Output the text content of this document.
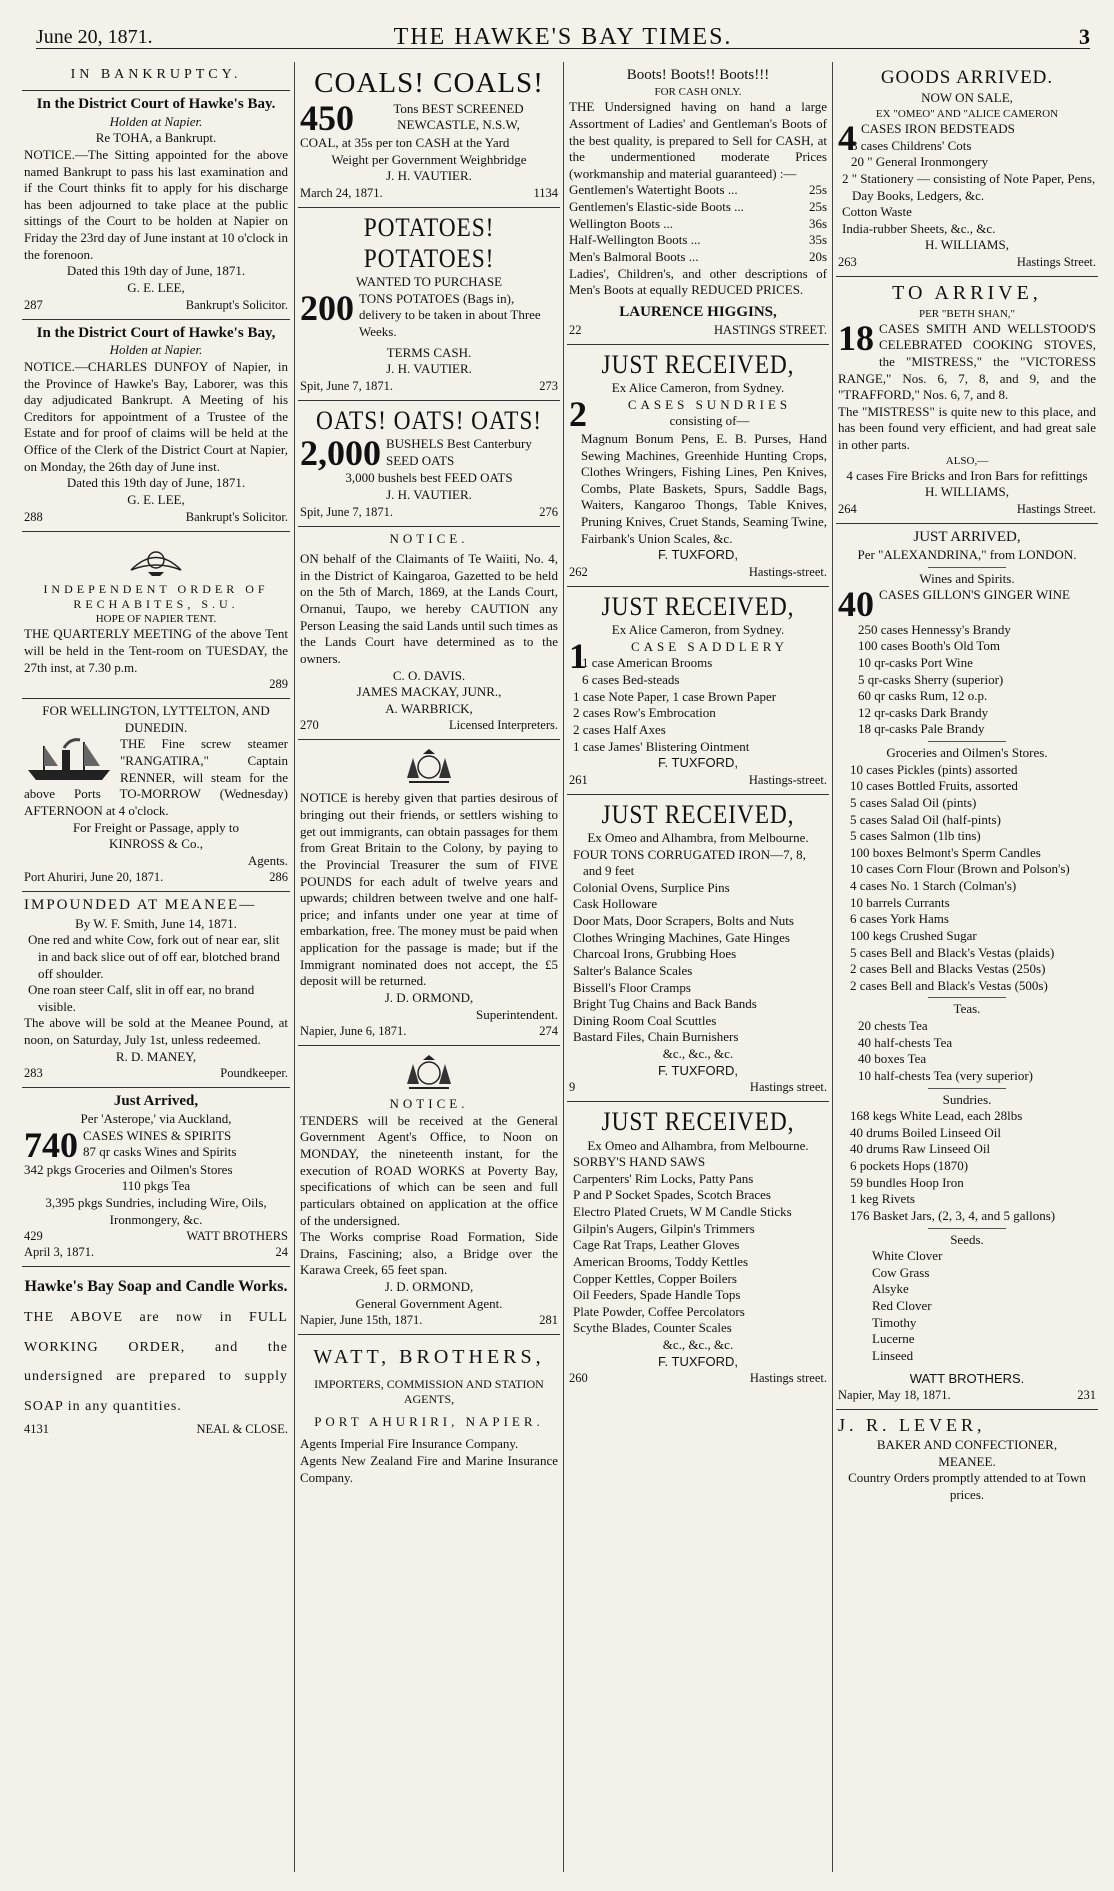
June 20, 1871.	THE HAWKE'S BAY TIMES.	3
IN BANKRUPTCY.
In the District Court of Hawke's Bay.
Holden at Napier.
Re TOHA, a Bankrupt.
NOTICE.—The Sitting appointed for the above named Bankrupt to pass his last examination and if the Court thinks fit to apply for his discharge has been adjourned to take place at the public sittings of the Court to be holden at Napier on Friday the 23rd day of June instant at 10 o'clock in the forenoon.
Dated this 19th day of June, 1871.
G. E. LEE,
287	Bankrupt's Solicitor.
In the District Court of Hawke's Bay,
Holden at Napier.
NOTICE.—CHARLES DUNFOY of Napier, in the Province of Hawke's Bay, Laborer, was this day adjudicated Bankrupt. A Meeting of his Creditors for appointment of a Trustee of the Estate and for proof of claims will be held at the Office of the Clerk of the District Court at Napier, on Monday, the 26th day of June inst.
Dated this 19th day of June, 1871.
G. E. LEE,
288	Bankrupt's Solicitor.
INDEPENDENT ORDER OF RECHABITES, S.U.
HOPE OF NAPIER TENT.
THE QUARTERLY MEETING of the above Tent will be held in the Tent-room on TUESDAY, the 27th inst, at 7.30 p.m.
289
FOR WELLINGTON, LYTTELTON, AND DUNEDIN.
THE Fine screw steamer "RANGATIRA," Captain RENNER, will steam for the above Ports TO-MORROW (Wednesday) AFTERNOON at 4 o'clock.
For Freight or Passage, apply to
KINROSS & Co.,
Agents.
Port Ahuriri, June 20, 1871.	286
IMPOUNDED AT MEANEE—
By W. F. Smith, June 14, 1871.
One red and white Cow, fork out of near ear, slit in and back slice out of off ear, blotched brand off shoulder.
One roan steer Calf, slit in off ear, no brand visible.
The above will be sold at the Meanee Pound, at noon, on Saturday, July 1st, unless redeemed.
R. D. MANEY,
283	Poundkeeper.
Just Arrived,
Per 'Asterope,' via Auckland,
740 CASES WINES & SPIRITS
87 qr casks Wines and Spirits
342 pkgs Groceries and Oilmen's Stores
110 pkgs Tea
3,395 pkgs Sundries, including Wire, Oils, Ironmongery, &c.
429	WATT BROTHERS
April 3, 1871.	24
Hawke's Bay Soap and Candle Works.
THE ABOVE are now in FULL WORKING ORDER, and the undersigned are prepared to supply SOAP in any quantities.
4131	NEAL & CLOSE.
COALS! COALS!
450	Tons BEST SCREENED NEWCASTLE, N.S.W,
COAL, at 35s per ton CASH at the Yard
Weight per Government Weighbridge
J. H. VAUTIER.
March 24, 1871.	1134
POTATOES! POTATOES!
WANTED TO PURCHASE
200 TONS POTATOES (Bags in), delivery to be taken in about Three Weeks.
TERMS CASH.
J. H. VAUTIER.
Spit, June 7, 1871.	273
OATS! OATS! OATS!
2,000 BUSHELS Best Canterbury SEED OATS
3,000 bushels best FEED OATS
J. H. VAUTIER.
Spit, June 7, 1871.	276
NOTICE.
ON behalf of the Claimants of Te Waiiti, No. 4, in the District of Kaingaroa, Gazetted to be held on the 5th of March, 1869, at the Lands Court, Ornanui, Taupo, we hereby CAUTION any Person Leasing the said Lands until such times as the Lands Court have determined as to the owners.
C. O. DAVIS.
JAMES MACKAY, JUNR.,
A. WARBRICK,
270	Licensed Interpreters.
NOTICE is hereby given that parties desirous of bringing out their friends, or settlers wishing to get out immigrants, can obtain passages for them from Great Britain to the Colony, by paying to the Provincial Treasurer the sum of FIVE POUNDS for each adult of twelve years and upwards; children between twelve and one half-price; and infants under one year at time of embarkation, free. The money must be paid when application for the passage is made; but if the Immigrant nominated does not accept, the £5 deposit will be returned.
J. D. ORMOND,
Superintendent.
Napier, June 6, 1871.	274
NOTICE.
TENDERS will be received at the General Government Agent's Office, to Noon on MONDAY, the nineteenth instant, for the execution of ROAD WORKS at Poverty Bay, specifications of which can be seen and full particulars obtained on application at the office of the undersigned.
The Works comprise Road Formation, Side Drains, Fascining; also, a Bridge over the Karawa Creek, 65 feet span.
J. D. ORMOND,
General Government Agent.
Napier, June 15th, 1871.	281
WATT, BROTHERS,
IMPORTERS, COMMISSION AND STATION AGENTS,
PORT AHURIRI, NAPIER.
Agents Imperial Fire Insurance Company.
Agents New Zealand Fire and Marine Insurance Company.
Boots! Boots!! Boots!!!
FOR CASH ONLY.
THE Undersigned having on hand a large Assortment of Ladies' and Gentleman's Boots of the best quality, is prepared to Sell for CASH, at the undermentioned moderate Prices (workmanship and material guaranteed) :—
Gentlemen's Watertight Boots ...	25s
Gentlemen's Elastic-side Boots ...	25s
Wellington Boots ...	36s
Half-Wellington Boots ...	35s
Men's Balmoral Boots ...	20s
Ladies', Children's, and other descriptions of Men's Boots at equally REDUCED PRICES.
LAURENCE HIGGINS,
22	HASTINGS STREET.
JUST RECEIVED,
Ex Alice Cameron, from Sydney.
2	CASES SUNDRIES
consisting of—
Magnum Bonum Pens, E. B. Purses, Hand Sewing Machines, Greenhide Hunting Crops, Clothes Wringers, Fishing Lines, Pen Knives, Combs, Plate Baskets, Spurs, Saddle Bags, Waiters, Kangaroo Thongs, Table Knives, Pruning Knives, Cruet Stands, Seaming Twine, Fairbank's Union Scales, &c.
F. TUXFORD,
262	Hastings-street.
JUST RECEIVED,
Ex Alice Cameron, from Sydney.
1	CASE SADDLERY
1 case American Brooms
6 cases Bed-steads
1 case Note Paper, 1 case Brown Paper
2 cases Row's Embrocation
2 cases Half Axes
1 case James' Blistering Ointment
F. TUXFORD,
261	Hastings-street.
JUST RECEIVED,
Ex Omeo and Alhambra, from Melbourne.
FOUR TONS CORRUGATED IRON—7, 8, and 9 feet
Colonial Ovens, Surplice Pins
Cask Holloware
Door Mats, Door Scrapers, Bolts and Nuts
Clothes Wringing Machines, Gate Hinges
Charcoal Irons, Grubbing Hoes
Salter's Balance Scales
Bissell's Floor Cramps
Bright Tug Chains and Back Bands
Dining Room Coal Scuttles
Bastard Files, Chain Burnishers
&c., &c., &c.
F. TUXFORD,
9	Hastings street.
JUST RECEIVED,
Ex Omeo and Alhambra, from Melbourne.
SORBY'S HAND SAWS
Carpenters' Rim Locks, Patty Pans
P and P Socket Spades, Scotch Braces
Electro Plated Cruets, W M Candle Sticks
Gilpin's Augers, Gilpin's Trimmers
Cage Rat Traps, Leather Gloves
American Brooms, Toddy Kettles
Copper Kettles, Copper Boilers
Oil Feeders, Spade Handle Tops
Plate Powder, Coffee Percolators
Scythe Blades, Counter Scales
&c., &c., &c.
F. TUXFORD,
260	Hastings street.
GOODS ARRIVED.
NOW ON SALE,
EX "OMEO" AND "ALICE CAMERON
4 CASES IRON BEDSTEADS
3 cases Childrens' Cots
20 " General Ironmongery
2 " Stationery — consisting of Note Paper, Pens, Day Books, Ledgers, &c.
Cotton Waste
India-rubber Sheets, &c., &c.
H. WILLIAMS,
263	Hastings Street.
TO ARRIVE,
PER "BETH SHAN,"
18 CASES SMITH AND WELLSTOOD'S CELEBRATED COOKING STOVES, the "MISTRESS," the "VICTORESS RANGE," Nos. 6, 7, 8, and 9, and the "TRAFFORD," Nos. 6, 7, and 8.
The "MISTRESS" is quite new to this place, and has been found very efficient, and had great sale in other parts.
ALSO,—
4 cases Fire Bricks and Iron Bars for refittings
H. WILLIAMS,
264	Hastings Street.
JUST ARRIVED,
Per "ALEXANDRINA," from LONDON.
Wines and Spirits.
40 CASES GILLON'S GINGER WINE
250 cases Hennessy's Brandy
100 cases Booth's Old Tom
10 qr-casks Port Wine
5 qr-casks Sherry (superior)
60 qr casks Rum, 12 o.p.
12 qr-casks Dark Brandy
18 qr-casks Pale Brandy
Groceries and Oilmen's Stores.
10 cases Pickles (pints) assorted
10 cases Bottled Fruits, assorted
5 cases Salad Oil (pints)
5 cases Salad Oil (half-pints)
5 cases Salmon (1lb tins)
100 boxes Belmont's Sperm Candles
10 cases Corn Flour (Brown and Polson's)
4 cases No. 1 Starch (Colman's)
10 barrels Currants
6 cases York Hams
100 kegs Crushed Sugar
5 cases Bell and Black's Vestas (plaids)
2 cases Bell and Blacks Vestas (250s)
2 cases Bell and Black's Vestas (500s)
Teas.
20 chests Tea
40 half-chests Tea
40 boxes Tea
10 half-chests Tea (very superior)
Sundries.
168 kegs White Lead, each 28lbs
40 drums Boiled Linseed Oil
40 drums Raw Linseed Oil
6 pockets Hops (1870)
59 bundles Hoop Iron
1 keg Rivets
176 Basket Jars, (2, 3, 4, and 5 gallons)
Seeds.
White Clover
Cow Grass
Alsyke
Red Clover
Timothy
Lucerne
Linseed
WATT BROTHERS.
Napier, May 18, 1871.	231
J. R. LEVER,
BAKER AND CONFECTIONER,
MEANEE.
Country Orders promptly attended to at Town prices.
